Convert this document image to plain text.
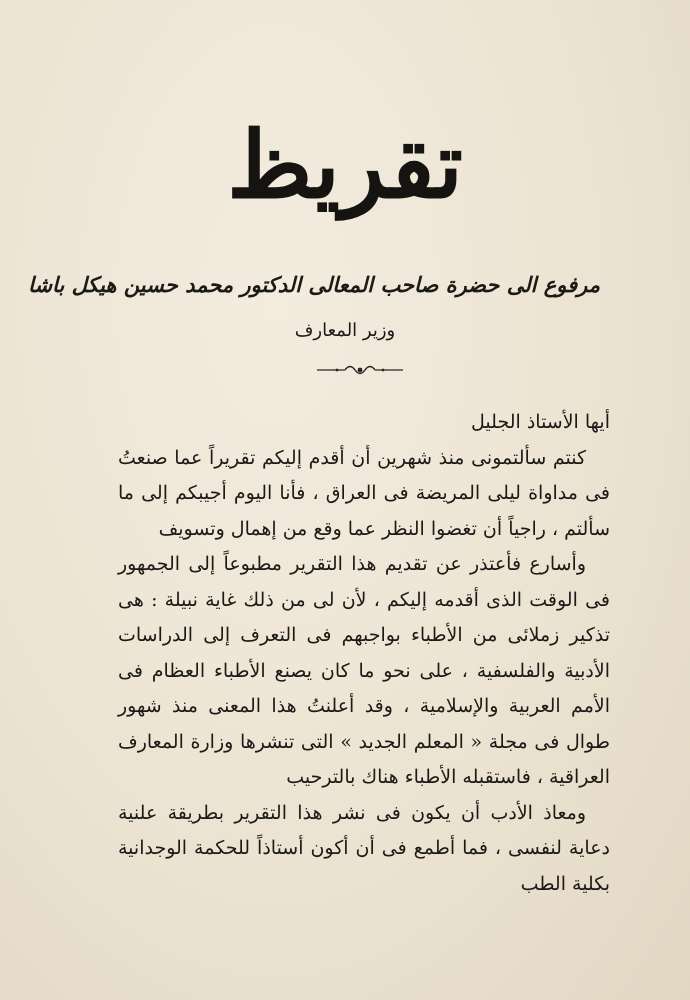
تقريظ
مرفوع الى حضرة صاحب المعالى الدكتور محمد حسين هيكل باشا
وزير المعارف

أيها الأستاذ الجليل

كنتم سألتمونى منذ شهرين أن أقدم إليكم تقريراً عما صنعتُ فى مداواة ليلى المريضة فى العراق ، فأنا اليوم أجيبكم إلى ما سألتم ، راجياً أن تغضوا النظر عما وقع من إهمال وتسويف

وأسارع فأعتذر عن تقديم هذا التقرير مطبوعاً إلى الجمهور فى الوقت الذى أقدمه إليكم ، لأن لى من ذلك غاية نبيلة : هى تذكير زملائى من الأطباء بواجبهم فى التعرف إلى الدراسات الأدبية والفلسفية ، على نحو ما كان يصنع الأطباء العظام فى الأمم العربية والإسلامية ، وقد أعلنتُ هذا المعنى منذ شهور طوال فى مجلة « المعلم الجديد » التى تنشرها وزارة المعارف العراقية ، فاستقبله الأطباء هناك بالترحيب

ومعاذ الأدب أن يكون فى نشر هذا التقرير بطريقة علنية دعاية لنفسى ، فما أطمع فى أن أكون أستاذاً للحكمة الوجدانية بكلية الطب
